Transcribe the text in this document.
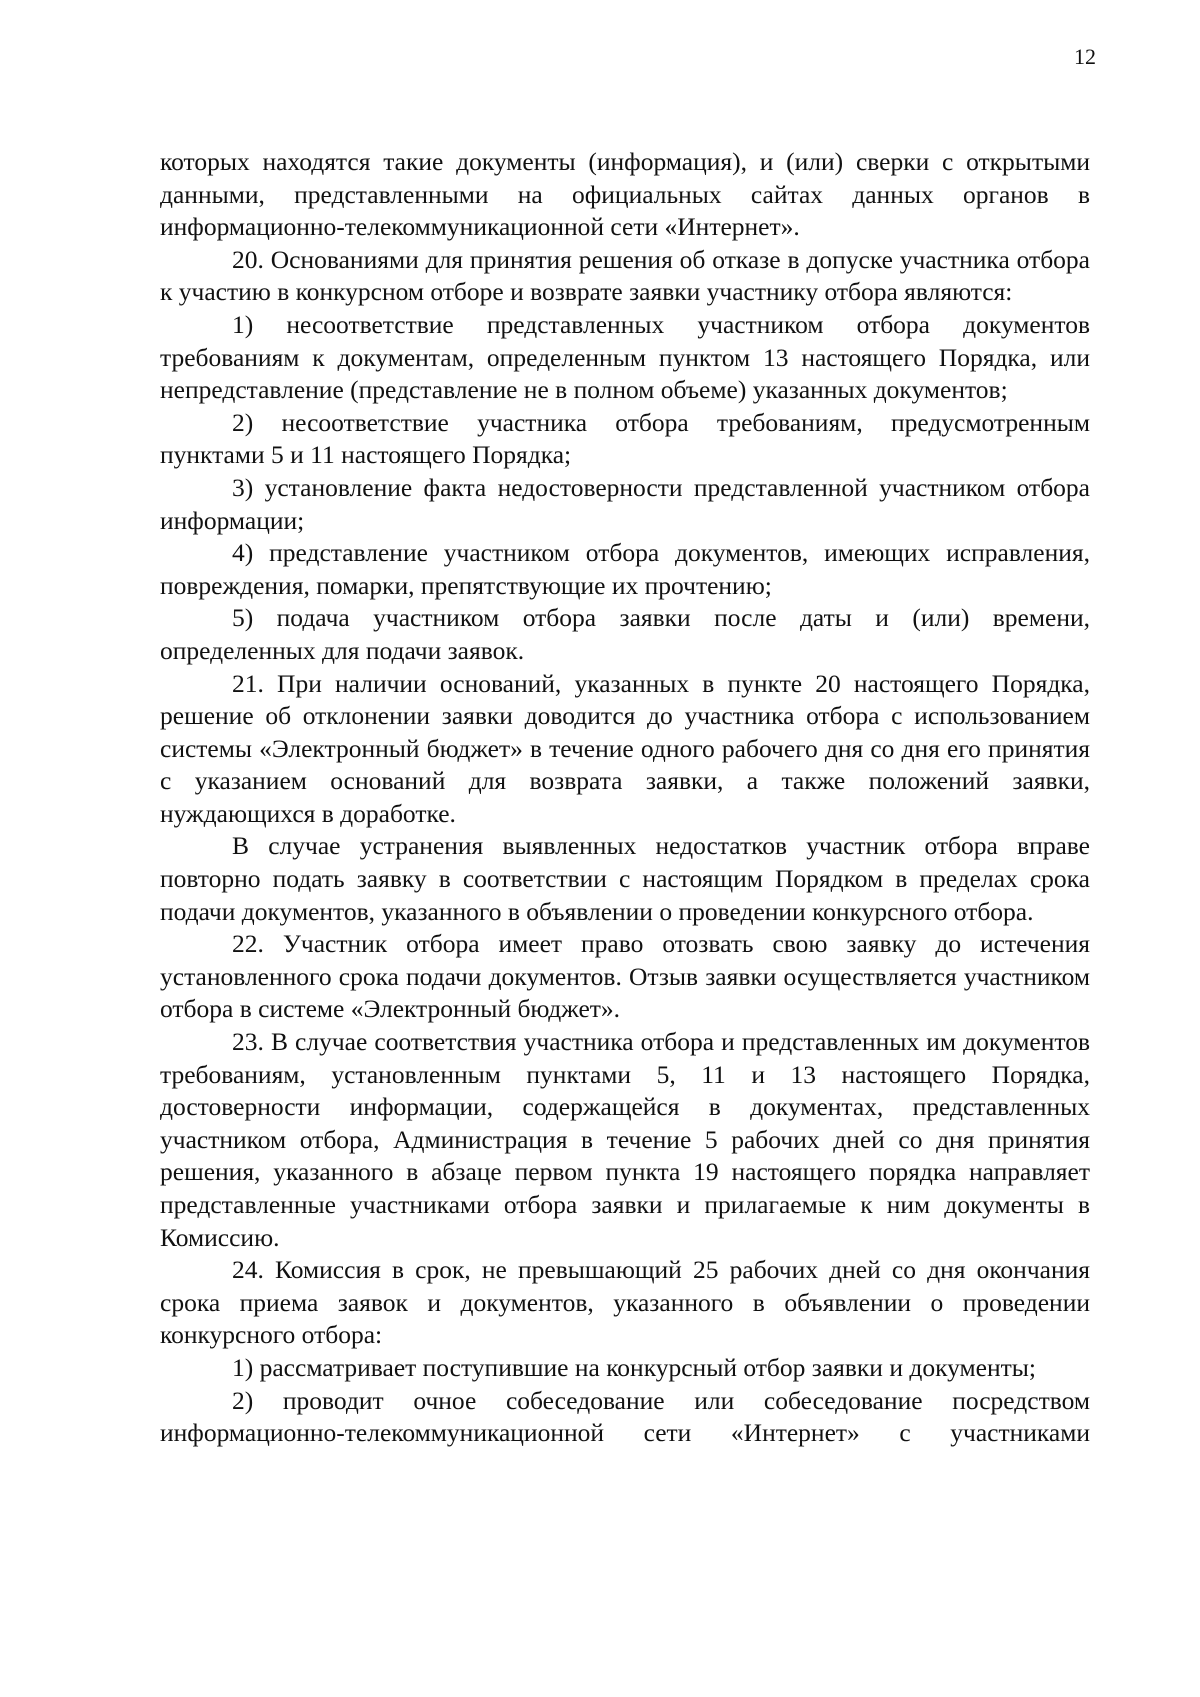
12

которых находятся такие документы (информация), и (или) сверки с открытыми данными, представленными на официальных сайтах данных органов в информационно-телекоммуникационной сети «Интернет».

20. Основаниями для принятия решения об отказе в допуске участника отбора к участию в конкурсном отборе и возврате заявки участнику отбора являются:

1) несоответствие представленных участником отбора документов требованиям к документам, определенным пунктом 13 настоящего Порядка, или непредставление (представление не в полном объеме) указанных документов;

2) несоответствие участника отбора требованиям, предусмотренным пунктами 5 и 11 настоящего Порядка;

3) установление факта недостоверности представленной участником отбора информации;

4) представление участником отбора документов, имеющих исправления, повреждения, помарки, препятствующие их прочтению;

5) подача участником отбора заявки после даты и (или) времени, определенных для подачи заявок.

21. При наличии оснований, указанных в пункте 20 настоящего Порядка, решение об отклонении заявки доводится до участника отбора с использованием системы «Электронный бюджет» в течение одного рабочего дня со дня его принятия с указанием оснований для возврата заявки, а также положений заявки, нуждающихся в доработке.

В случае устранения выявленных недостатков участник отбора вправе повторно подать заявку в соответствии с настоящим Порядком в пределах срока подачи документов, указанного в объявлении о проведении конкурсного отбора.

22. Участник отбора имеет право отозвать свою заявку до истечения установленного срока подачи документов. Отзыв заявки осуществляется участником отбора в системе «Электронный бюджет».

23. В случае соответствия участника отбора и представленных им документов требованиям, установленным пунктами 5, 11 и 13 настоящего Порядка, достоверности информации, содержащейся в документах, представленных участником отбора, Администрация в течение 5 рабочих дней со дня принятия решения, указанного в абзаце первом пункта 19 настоящего порядка направляет представленные участниками отбора заявки и прилагаемые к ним документы в Комиссию.

24. Комиссия в срок, не превышающий 25 рабочих дней со дня окончания срока приема заявок и документов, указанного в объявлении о проведении конкурсного отбора:

1) рассматривает поступившие на конкурсный отбор заявки и документы;

2) проводит очное собеседование или собеседование посредством информационно-телекоммуникационной сети «Интернет» с участниками
